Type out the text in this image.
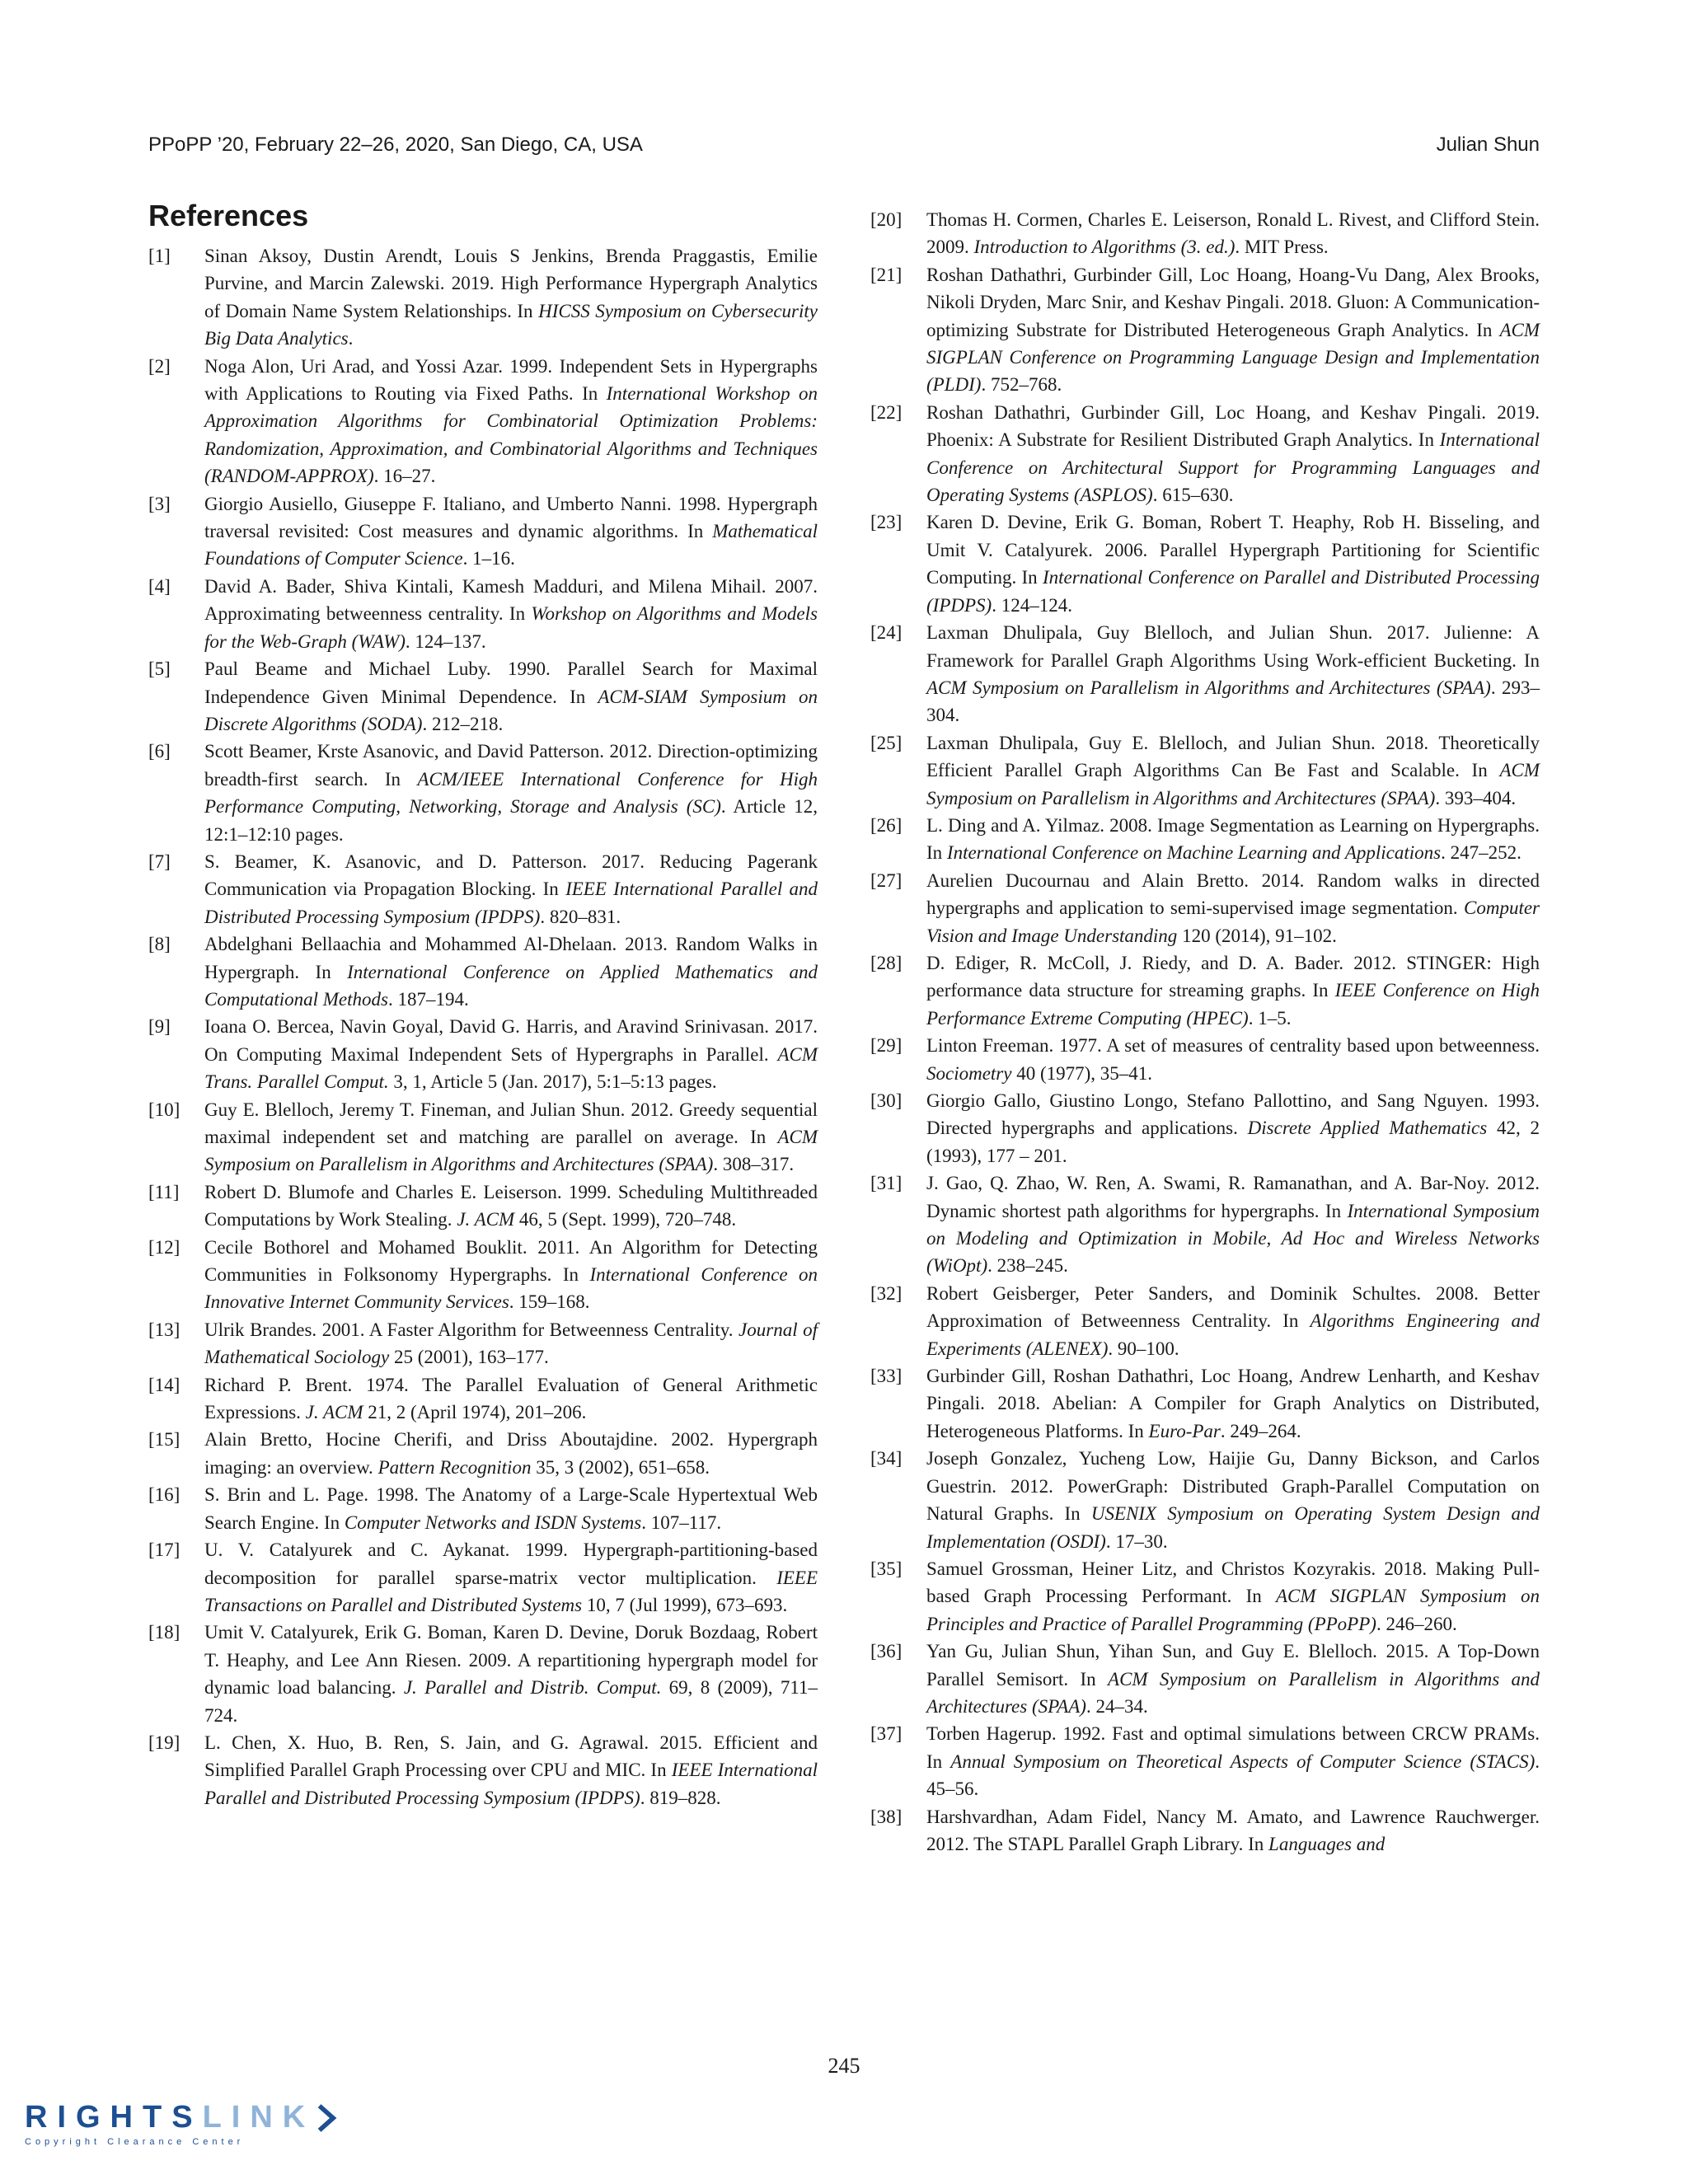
PPoPP ’20, February 22–26, 2020, San Diego, CA, USA	Julian Shun
References
[1]	Sinan Aksoy, Dustin Arendt, Louis S Jenkins, Brenda Praggastis, Emilie Purvine, and Marcin Zalewski. 2019. High Performance Hypergraph Analytics of Domain Name System Relationships. In HICSS Symposium on Cybersecurity Big Data Analytics.
[2]	Noga Alon, Uri Arad, and Yossi Azar. 1999. Independent Sets in Hypergraphs with Applications to Routing via Fixed Paths. In International Workshop on Approximation Algorithms for Combinatorial Optimization Problems: Randomization, Approximation, and Combinatorial Algorithms and Techniques (RANDOM-APPROX). 16–27.
[3]	Giorgio Ausiello, Giuseppe F. Italiano, and Umberto Nanni. 1998. Hypergraph traversal revisited: Cost measures and dynamic algorithms. In Mathematical Foundations of Computer Science. 1–16.
[4]	David A. Bader, Shiva Kintali, Kamesh Madduri, and Milena Mihail. 2007. Approximating betweenness centrality. In Workshop on Algorithms and Models for the Web-Graph (WAW). 124–137.
[5]	Paul Beame and Michael Luby. 1990. Parallel Search for Maximal Independence Given Minimal Dependence. In ACM-SIAM Symposium on Discrete Algorithms (SODA). 212–218.
[6]	Scott Beamer, Krste Asanovic, and David Patterson. 2012. Direction-optimizing breadth-first search. In ACM/IEEE International Conference for High Performance Computing, Networking, Storage and Analysis (SC). Article 12, 12:1–12:10 pages.
[7]	S. Beamer, K. Asanovic, and D. Patterson. 2017. Reducing Pagerank Communication via Propagation Blocking. In IEEE International Parallel and Distributed Processing Symposium (IPDPS). 820–831.
[8]	Abdelghani Bellaachia and Mohammed Al-Dhelaan. 2013. Random Walks in Hypergraph. In International Conference on Applied Mathematics and Computational Methods. 187–194.
[9]	Ioana O. Bercea, Navin Goyal, David G. Harris, and Aravind Srinivasan. 2017. On Computing Maximal Independent Sets of Hypergraphs in Parallel. ACM Trans. Parallel Comput. 3, 1, Article 5 (Jan. 2017), 5:1–5:13 pages.
[10]	Guy E. Blelloch, Jeremy T. Fineman, and Julian Shun. 2012. Greedy sequential maximal independent set and matching are parallel on average. In ACM Symposium on Parallelism in Algorithms and Architectures (SPAA). 308–317.
[11]	Robert D. Blumofe and Charles E. Leiserson. 1999. Scheduling Multithreaded Computations by Work Stealing. J. ACM 46, 5 (Sept. 1999), 720–748.
[12]	Cecile Bothorel and Mohamed Bouklit. 2011. An Algorithm for Detecting Communities in Folksonomy Hypergraphs. In International Conference on Innovative Internet Community Services. 159–168.
[13]	Ulrik Brandes. 2001. A Faster Algorithm for Betweenness Centrality. Journal of Mathematical Sociology 25 (2001), 163–177.
[14]	Richard P. Brent. 1974. The Parallel Evaluation of General Arithmetic Expressions. J. ACM 21, 2 (April 1974), 201–206.
[15]	Alain Bretto, Hocine Cherifi, and Driss Aboutajdine. 2002. Hypergraph imaging: an overview. Pattern Recognition 35, 3 (2002), 651–658.
[16]	S. Brin and L. Page. 1998. The Anatomy of a Large-Scale Hypertextual Web Search Engine. In Computer Networks and ISDN Systems. 107–117.
[17]	U. V. Catalyurek and C. Aykanat. 1999. Hypergraph-partitioning-based decomposition for parallel sparse-matrix vector multiplication. IEEE Transactions on Parallel and Distributed Systems 10, 7 (Jul 1999), 673–693.
[18]	Umit V. Catalyurek, Erik G. Boman, Karen D. Devine, Doruk Bozdaag, Robert T. Heaphy, and Lee Ann Riesen. 2009. A repartitioning hypergraph model for dynamic load balancing. J. Parallel and Distrib. Comput. 69, 8 (2009), 711–724.
[19]	L. Chen, X. Huo, B. Ren, S. Jain, and G. Agrawal. 2015. Efficient and Simplified Parallel Graph Processing over CPU and MIC. In IEEE International Parallel and Distributed Processing Symposium (IPDPS). 819–828.
[20]	Thomas H. Cormen, Charles E. Leiserson, Ronald L. Rivest, and Clifford Stein. 2009. Introduction to Algorithms (3. ed.). MIT Press.
[21]	Roshan Dathathri, Gurbinder Gill, Loc Hoang, Hoang-Vu Dang, Alex Brooks, Nikoli Dryden, Marc Snir, and Keshav Pingali. 2018. Gluon: A Communication-optimizing Substrate for Distributed Heterogeneous Graph Analytics. In ACM SIGPLAN Conference on Programming Language Design and Implementation (PLDI). 752–768.
[22]	Roshan Dathathri, Gurbinder Gill, Loc Hoang, and Keshav Pingali. 2019. Phoenix: A Substrate for Resilient Distributed Graph Analytics. In International Conference on Architectural Support for Programming Languages and Operating Systems (ASPLOS). 615–630.
[23]	Karen D. Devine, Erik G. Boman, Robert T. Heaphy, Rob H. Bisseling, and Umit V. Catalyurek. 2006. Parallel Hypergraph Partitioning for Scientific Computing. In International Conference on Parallel and Distributed Processing (IPDPS). 124–124.
[24]	Laxman Dhulipala, Guy Blelloch, and Julian Shun. 2017. Julienne: A Framework for Parallel Graph Algorithms Using Work-efficient Bucketing. In ACM Symposium on Parallelism in Algorithms and Architectures (SPAA). 293–304.
[25]	Laxman Dhulipala, Guy E. Blelloch, and Julian Shun. 2018. Theoretically Efficient Parallel Graph Algorithms Can Be Fast and Scalable. In ACM Symposium on Parallelism in Algorithms and Architectures (SPAA). 393–404.
[26]	L. Ding and A. Yilmaz. 2008. Image Segmentation as Learning on Hypergraphs. In International Conference on Machine Learning and Applications. 247–252.
[27]	Aurelien Ducournau and Alain Bretto. 2014. Random walks in directed hypergraphs and application to semi-supervised image segmentation. Computer Vision and Image Understanding 120 (2014), 91–102.
[28]	D. Ediger, R. McColl, J. Riedy, and D. A. Bader. 2012. STINGER: High performance data structure for streaming graphs. In IEEE Conference on High Performance Extreme Computing (HPEC). 1–5.
[29]	Linton Freeman. 1977. A set of measures of centrality based upon betweenness. Sociometry 40 (1977), 35–41.
[30]	Giorgio Gallo, Giustino Longo, Stefano Pallottino, and Sang Nguyen. 1993. Directed hypergraphs and applications. Discrete Applied Mathematics 42, 2 (1993), 177 – 201.
[31]	J. Gao, Q. Zhao, W. Ren, A. Swami, R. Ramanathan, and A. Bar-Noy. 2012. Dynamic shortest path algorithms for hypergraphs. In International Symposium on Modeling and Optimization in Mobile, Ad Hoc and Wireless Networks (WiOpt). 238–245.
[32]	Robert Geisberger, Peter Sanders, and Dominik Schultes. 2008. Better Approximation of Betweenness Centrality. In Algorithms Engineering and Experiments (ALENEX). 90–100.
[33]	Gurbinder Gill, Roshan Dathathri, Loc Hoang, Andrew Lenharth, and Keshav Pingali. 2018. Abelian: A Compiler for Graph Analytics on Distributed, Heterogeneous Platforms. In Euro-Par. 249–264.
[34]	Joseph Gonzalez, Yucheng Low, Haijie Gu, Danny Bickson, and Carlos Guestrin. 2012. PowerGraph: Distributed Graph-Parallel Computation on Natural Graphs. In USENIX Symposium on Operating System Design and Implementation (OSDI). 17–30.
[35]	Samuel Grossman, Heiner Litz, and Christos Kozyrakis. 2018. Making Pull-based Graph Processing Performant. In ACM SIGPLAN Symposium on Principles and Practice of Parallel Programming (PPoPP). 246–260.
[36]	Yan Gu, Julian Shun, Yihan Sun, and Guy E. Blelloch. 2015. A Top-Down Parallel Semisort. In ACM Symposium on Parallelism in Algorithms and Architectures (SPAA). 24–34.
[37]	Torben Hagerup. 1992. Fast and optimal simulations between CRCW PRAMs. In Annual Symposium on Theoretical Aspects of Computer Science (STACS). 45–56.
[38]	Harshvardhan, Adam Fidel, Nancy M. Amato, and Lawrence Rauchwerger. 2012. The STAPL Parallel Graph Library. In Languages and
245
RIGHTS LINK
Copyright Clearance Center
